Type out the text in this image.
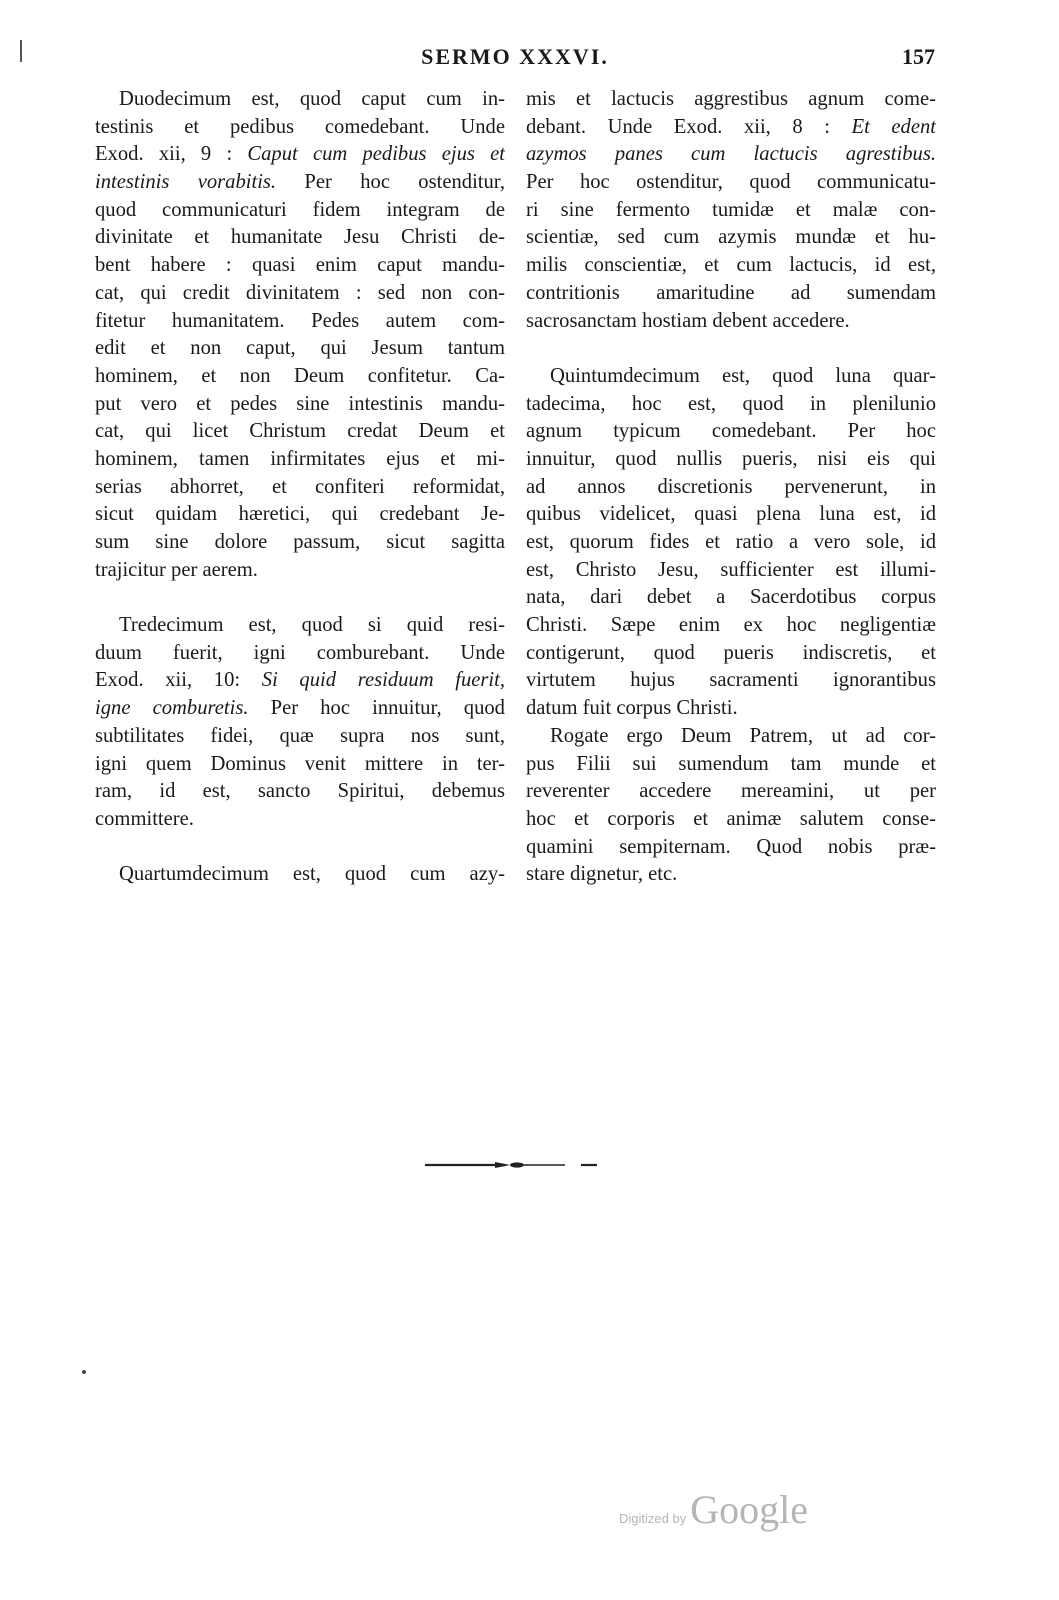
SERMO XXXVI.	157
Duodecimum est, quod caput cum in-
testinis et pedibus comedebant. Unde
Exod. xii, 9 : Caput cum pedibus ejus et
intestinis vorabitis. Per hoc ostenditur,
quod communicaturi fidem integram de
divinitate et humanitate Jesu Christi de-
bent habere : quasi enim caput mandu-
cat, qui credit divinitatem : sed non con-
fitetur humanitatem. Pedes autem com-
edit et non caput, qui Jesum tantum
hominem, et non Deum confitetur. Ca-
put vero et pedes sine intestinis mandu-
cat, qui licet Christum credat Deum et
hominem, tamen infirmitates ejus et mi-
serias abhorret, et confiteri reformidat,
sicut quidam hæretici, qui credebant Je-
sum sine dolore passum, sicut sagitta
trajicitur per aerem.
Tredecimum est, quod si quid resi-
duum fuerit, igni comburebant. Unde
Exod. xii, 10: Si quid residuum fuerit,
igne comburetis. Per hoc innuitur, quod
subtilitates fidei, quæ supra nos sunt,
igni quem Dominus venit mittere in ter-
ram, id est, sancto Spiritui, debemus
committere.
Quartumdecimum est, quod cum azy-
mis et lactucis aggrestibus agnum come-
debant. Unde Exod. xii, 8 : Et edent
azymos panes cum lactucis agrestibus.
Per hoc ostenditur, quod communicatu-
ri sine fermento tumidæ et malæ con-
scientiæ, sed cum azymis mundæ et hu-
milis conscientiæ, et cum lactucis, id est,
contritionis amaritudine ad sumendam
sacrosanctam hostiam debent accedere.
Quintumdecimum est, quod luna quar-
tadecima, hoc est, quod in plenilunio
agnum typicum comedebant. Per hoc
innuitur, quod nullis pueris, nisi eis qui
ad annos discretionis pervenerunt, in
quibus videlicet, quasi plena luna est, id
est, quorum fides et ratio a vero sole, id
est, Christo Jesu, sufficienter est illumi-
nata, dari debet a Sacerdotibus corpus
Christi. Sæpe enim ex hoc negligentiæ
contigerunt, quod pueris indiscretis, et
virtutem hujus sacramenti ignorantibus
datum fuit corpus Christi.
Rogate ergo Deum Patrem, ut ad cor-
pus Filii sui sumendum tam munde et
reverenter accedere mereamini, ut per
hoc et corporis et animæ salutem conse-
quamini sempiternam. Quod nobis præ-
stare dignetur, etc.
Digitized by Google
